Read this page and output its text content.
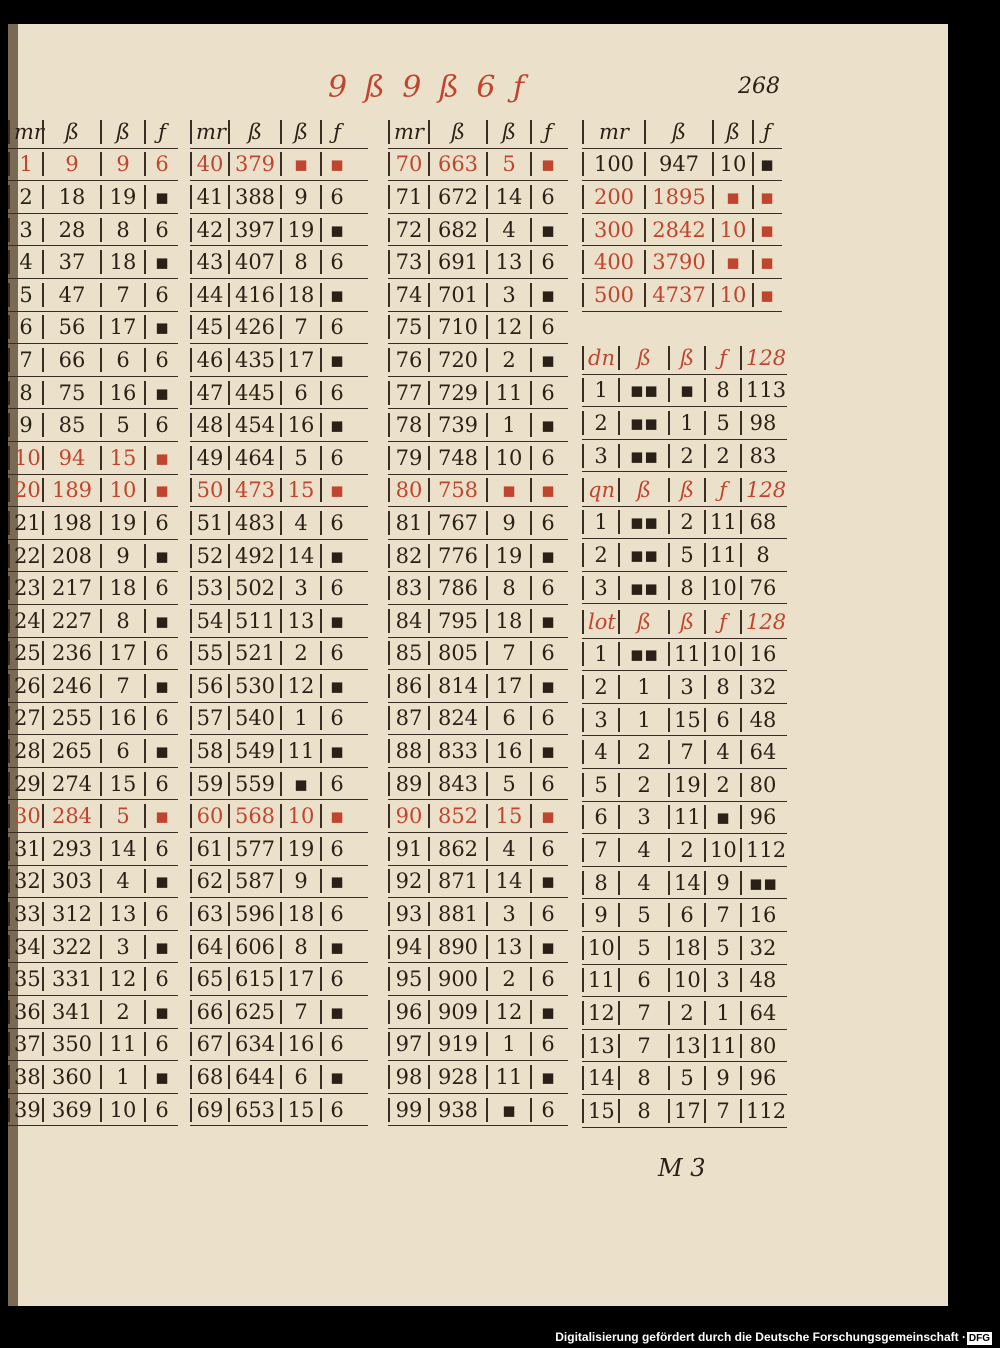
9 ß 9 ß 6 ƒ	268
mr	ß	ß	ƒ
1	9	9	6
2	18	19 ▪
3	28	8	6
4	37	18 ▪
5	47	7	6
6	56	17 ▪
7	66	6	6
8	75	16 ▪
9	85	5	6
10 94	15 ▪
20 189 10 ▪
21 198 19 6
22 208	9	▪
23 217 18 6
24 227	8	▪
25 236 17 6
26 246	7	▪
27 255 16 6
28 265	6	▪
29 274 15 6
30 284	5	▪
31 293 14 6
32 303	4	▪
33 312 13 6
34 322	3	▪
35 331 12 6
36 341	2	▪
37 350 11 6
38 360	1	▪
39 369 10 6
mr	ß	ß	ƒ
40 379 ▪	▪
41 388 9	6
42 397 19 ▪
43 407 8	6
44 416 18 ▪
45 426 7	6
46 435 17 ▪
47 445 6	6
48 454 16 ▪
49 464 5	6
50 473 15 ▪
51 483 4	6
52 492 14 ▪
53 502 3	6
54 511 13 ▪
55 521 2	6
56 530 12 ▪
57 540 1	6
58 549 11 ▪
59 559 ▪	6
60 568 10 ▪
61 577 19 6
62 587 9	▪
63 596 18 6
64 606 8	▪
65 615 17 6
66 625 7	▪
67 634 16 6
68 644 6	▪
69 653 15 6
mr	ß	ß	ƒ
70 663	5	▪
71 672 14 6
72 682	4	▪
73 691 13 6
74 701	3	▪
75 710 12 6
76 720	2	▪
77 729 11 6
78 739	1	▪
79 748 10 6
80 758	▪	▪
81 767	9	6
82 776 19 ▪
83 786	8	6
84 795 18 ▪
85 805	7	6
86 814 17 ▪
87 824	6	6
88 833 16 ▪
89 843	5	6
90 852 15 ▪
91 862	4	6
92 871 14 ▪
93 881	3	6
94 890 13 ▪
95 900	2	6
96 909 12 ▪
97 919	1	6
98 928 11 ▪
99 938	▪	6
mr	ß	ß	ƒ
100	947 10 ▪
200 1895 ▪ ▪
300 2842 10 ▪
400 3790 ▪ ▪
500 4737 10 ▪
dn	ß	ß	ƒ 128
1	▪▪	▪	8 113
2	▪▪	1	5 98
3	▪▪	2	2 83
qn	ß	ß	ƒ 128
1	▪▪	2 11 68
2	▪▪	5 11 8
3	▪▪	8 10 76
lot	ß	ß	ƒ 128
1	▪▪ 11 10 16
2	1	3	8 32
3	1	15 6 48
4	2	7	4 64
5	2	19 2 80
6	3	11 ▪ 96
7	4	2 10 112
8	4	14 9 ▪▪
9	5	6	7 16
10	5	18 5 32
11	6	10 3 48
12	7	2	1 64
13	7	13 11 80
14	8	5	9 96
15	8	17 7 112
M 3
Digitalisierung gefördert durch die Deutsche Forschungsgemeinschaft · DFG
